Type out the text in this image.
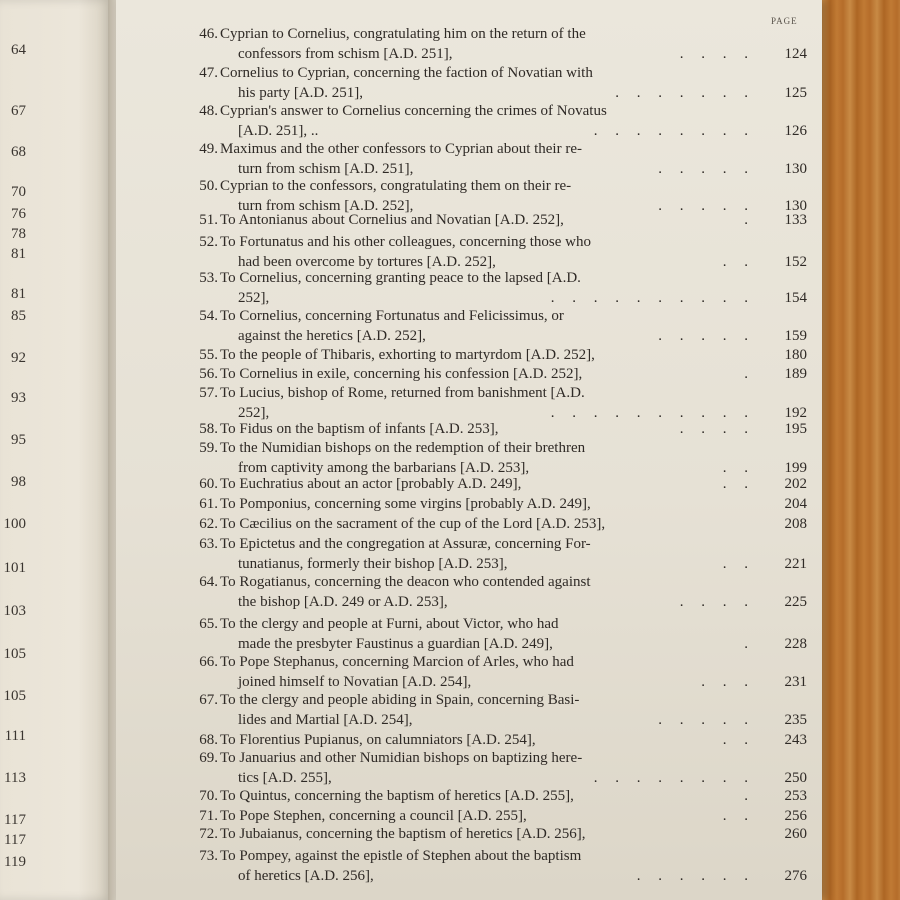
64
67
68
70
76
78
81
81
85
92
93
95
98
100
101
103
105
105
111
113
117
117
119
PAGE
46. Cyprian to Cornelius, congratulating him on the return of the
confessors from schism [A.D. 251],	. . . .	124
47. Cornelius to Cyprian, concerning the faction of Novatian with
his party [A.D. 251],	. . . . . . .	125
48. Cyprian's answer to Cornelius concerning the crimes of Novatus
[A.D. 251], ..	. . . . . . . .	126
49. Maximus and the other confessors to Cyprian about their re-
turn from schism [A.D. 251],	. . . . .	130
50. Cyprian to the confessors, congratulating them on their re-
turn from schism [A.D. 252],	. . . . .	130
51. To Antonianus about Cornelius and Novatian [A.D. 252],	.	133
52. To Fortunatus and his other colleagues, concerning those who
had been overcome by tortures [A.D. 252],	. .	152
53. To Cornelius, concerning granting peace to the lapsed [A.D.
252],	. . . . . . . . . .	154
54. To Cornelius, concerning Fortunatus and Felicissimus, or
against the heretics [A.D. 252],	. . . . .	159
55. To the people of Thibaris, exhorting to martyrdom [A.D. 252],	180
56. To Cornelius in exile, concerning his confession [A.D. 252],	.	189
57. To Lucius, bishop of Rome, returned from banishment [A.D.
252],	. . . . . . . . . .	192
58. To Fidus on the baptism of infants [A.D. 253],	. . . .	195
59. To the Numidian bishops on the redemption of their brethren
from captivity among the barbarians [A.D. 253],	. .	199
60. To Euchratius about an actor [probably A.D. 249],	. .	202
61. To Pomponius, concerning some virgins [probably A.D. 249],	204
62. To Cæcilius on the sacrament of the cup of the Lord [A.D. 253],	208
63. To Epictetus and the congregation at Assuræ, concerning For-
tunatianus, formerly their bishop [A.D. 253],	. .	221
64. To Rogatianus, concerning the deacon who contended against
the bishop [A.D. 249 or A.D. 253],	. . . .	225
65. To the clergy and people at Furni, about Victor, who had
made the presbyter Faustinus a guardian [A.D. 249],	.	228
66. To Pope Stephanus, concerning Marcion of Arles, who had
joined himself to Novatian [A.D. 254],	. . .	231
67. To the clergy and people abiding in Spain, concerning Basi-
lides and Martial [A.D. 254],	. . . . .	235
68. To Florentius Pupianus, on calumniators [A.D. 254],	. .	243
69. To Januarius and other Numidian bishops on baptizing here-
tics [A.D. 255],	. . . . . . . .	250
70. To Quintus, concerning the baptism of heretics [A.D. 255],	.	253
71. To Pope Stephen, concerning a council [A.D. 255],	. .	256
72. To Jubaianus, concerning the baptism of heretics [A.D. 256],	260
73. To Pompey, against the epistle of Stephen about the baptism
of heretics [A.D. 256],	. . . . . .	276
